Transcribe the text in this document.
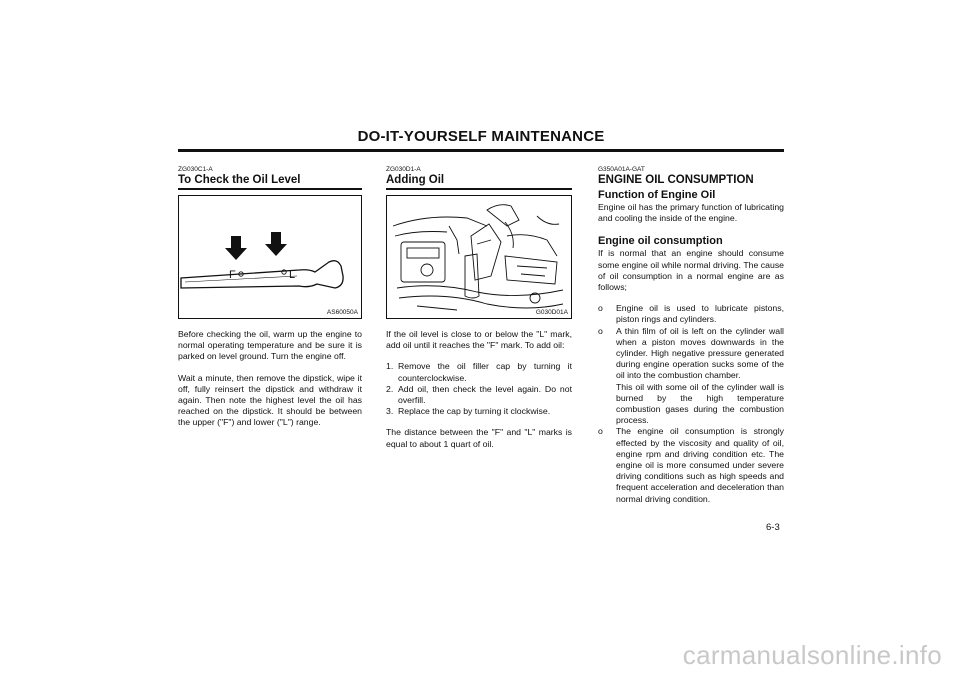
DO-IT-YOURSELF MAINTENANCE

ZG030C1-A

To Check the Oil Level

F	L
AS60050A

Before checking the oil, warm up the engine to normal operating temperature and be sure it is parked on level ground. Turn the engine off.

Wait a minute, then remove the dipstick, wipe it off, fully reinsert the dipstick and withdraw it again. Then note the highest level the oil has reached on the dipstick. It should be between the upper ("F") and lower ("L") range.

ZG030D1-A

Adding Oil

G030D01A

If the oil level is close to or below the "L" mark, add oil until it reaches the "F" mark. To add oil:

1. Remove the oil filler cap by turning it counterclockwise.
2. Add oil, then check the level again. Do not overfill.
3. Replace the cap by turning it clockwise.

The distance between the "F" and "L" marks is equal to about 1 quart of oil.

G350A01A-GAT

ENGINE OIL CONSUMPTION

Function of Engine Oil

Engine oil has the primary function of lubricating and cooling the inside of the engine.

Engine oil consumption

If is normal that an engine should consume some engine oil while normal driving. The cause of oil consumption in a normal engine are as follows;

o Engine oil is used to lubricate pistons, piston rings and cylinders.
o A thin film of oil is left on the cylinder wall when a piston moves downwards in the cylinder. High negative pressure generated during engine operation sucks some of the oil into the combustion chamber.
This oil with some oil of the cylinder wall is burned by the high temperature combustion gases during the combustion process.
o The engine oil consumption is strongly effected by the viscosity and quality of oil, engine rpm and driving condition etc. The engine oil is more consumed under severe driving conditions such as high speeds and frequent acceleration and deceleration than normal driving condition.
6-3
carmanualsonline.info
